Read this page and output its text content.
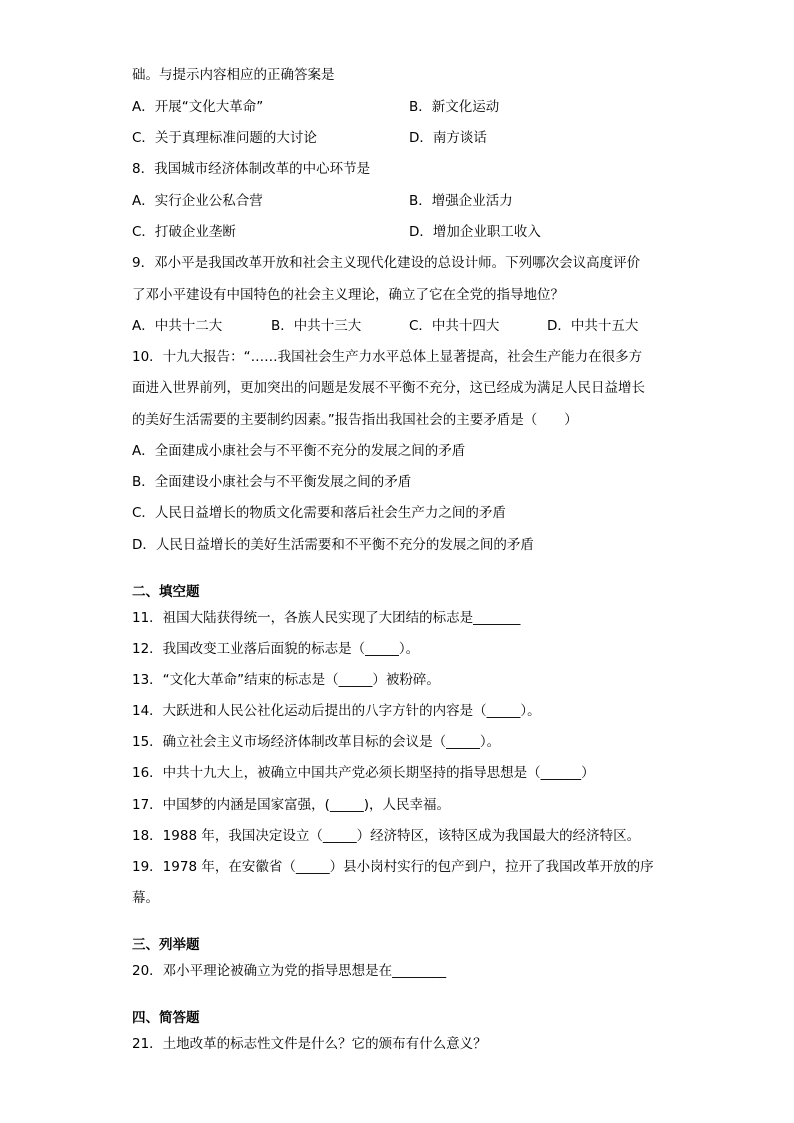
础。与提示内容相应的正确答案是
A．开展“文化大革命”	B．新文化运动
C．关于真理标准问题的大讨论	D．南方谈话
8．我国城市经济体制改革的中心环节是
A．实行企业公私合营	B．增强企业活力
C．打破企业垄断	D．增加企业职工收入
9．邓小平是我国改革开放和社会主义现代化建设的总设计师。下列哪次会议高度评价
了邓小平建设有中国特色的社会主义理论，确立了它在全党的指导地位？
A．中共十二大	B．中共十三大	C．中共十四大	D．中共十五大
10．十九大报告：“……我国社会生产力水平总体上显著提高，社会生产能力在很多方
面进入世界前列，更加突出的问题是发展不平衡不充分，这已经成为满足人民日益增长
的美好生活需要的主要制约因素。”报告指出我国社会的主要矛盾是（　　）
A．全面建成小康社会与不平衡不充分的发展之间的矛盾
B．全面建设小康社会与不平衡发展之间的矛盾
C．人民日益增长的物质文化需要和落后社会生产力之间的矛盾
D．人民日益增长的美好生活需要和不平衡不充分的发展之间的矛盾
二、填空题
11．祖国大陆获得统一，各族人民实现了大团结的标志是_______
12．我国改变工业落后面貌的标志是（_____）。
13．“文化大革命”结束的标志是（_____）被粉碎。
14．大跃进和人民公社化运动后提出的八字方针的内容是（_____）。
15．确立社会主义市场经济体制改革目标的会议是（_____）。
16．中共十九大上，被确立中国共产党必须长期坚持的指导思想是（______）
17．中国梦的内涵是国家富强，(_____)，人民幸福。
18．1988 年，我国决定设立（_____）经济特区，该特区成为我国最大的经济特区。
19．1978 年，在安徽省（_____）县小岗村实行的包产到户，拉开了我国改革开放的序
幕。
三、列举题
20．邓小平理论被确立为党的指导思想是在________
四、简答题
21．土地改革的标志性文件是什么？它的颁布有什么意义？
